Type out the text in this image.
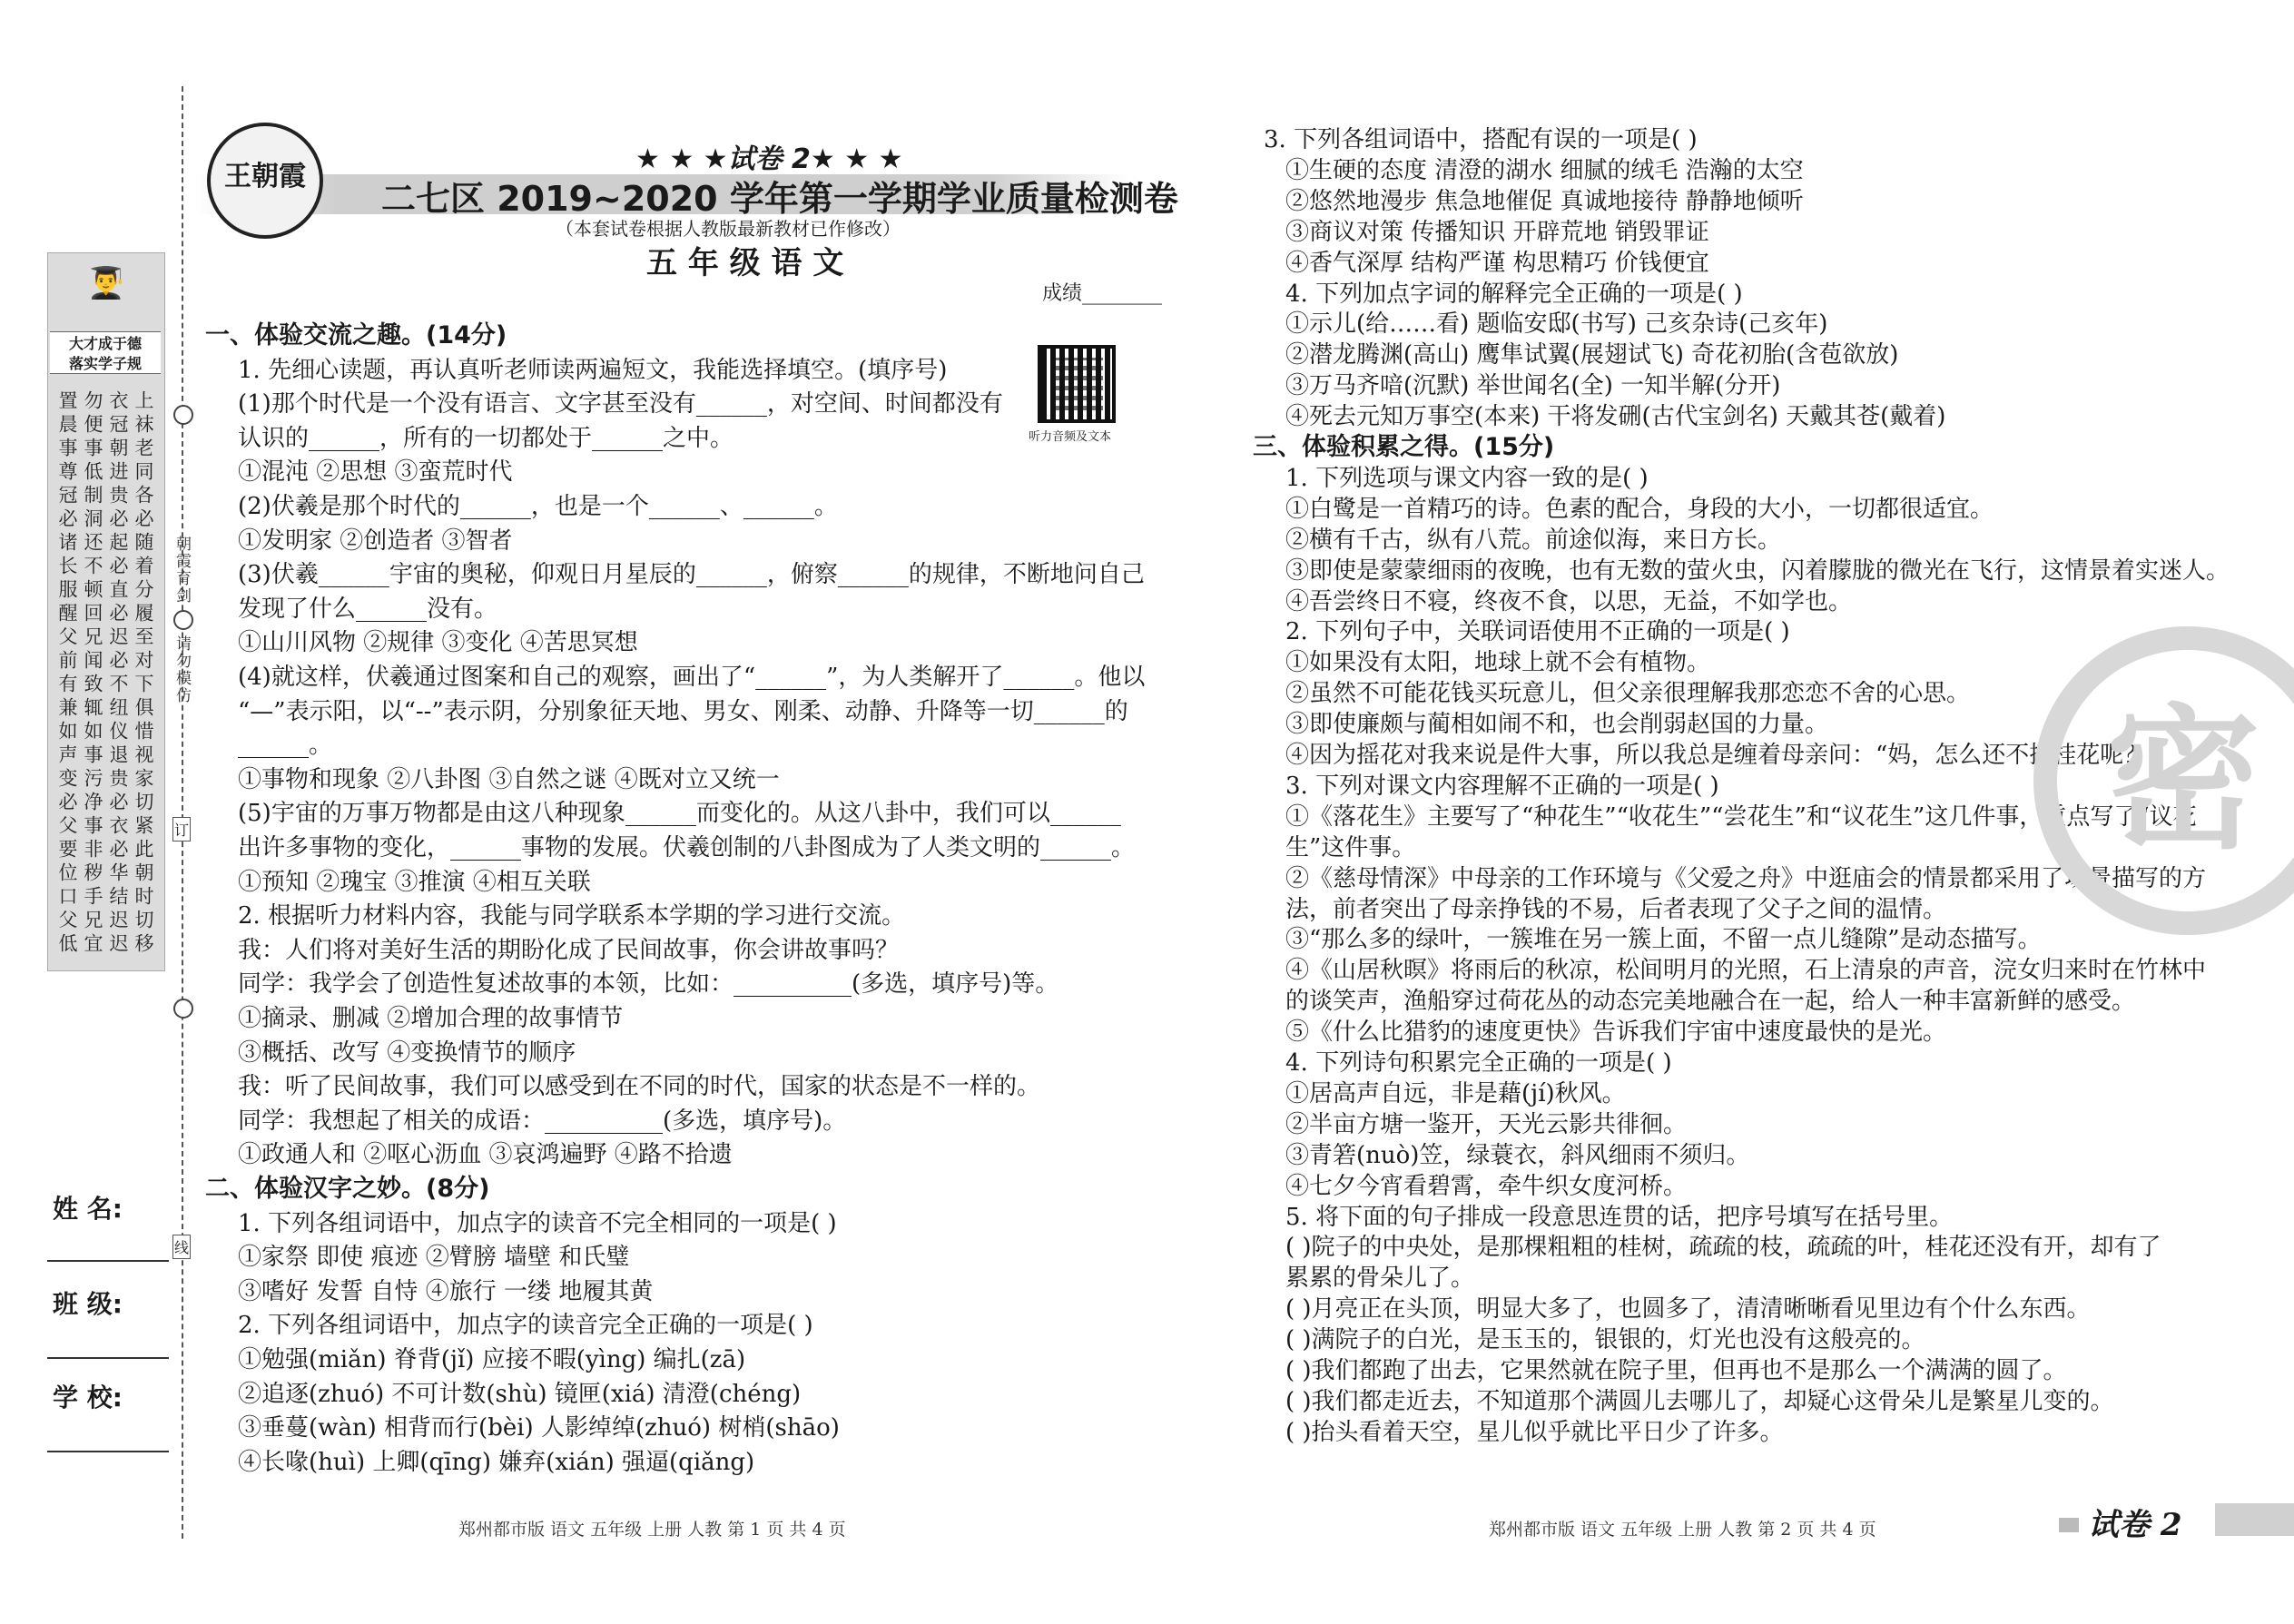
朝霞育剑
请勿模仿
订
线
👨‍🎓
大才成于德
落实学子规
置晨事尊
冠必诸长
服醒父前
有兼如声
变必父要
位口父低
勿便事低
制洞还不
顿回兄闻
致辄如事
污净事非
秽手兄宜
衣冠朝进
贵必起必
直必迟必
不纽仪退
贵必衣必
华结迟迟
上袜老同
各必随着
分履至对
下俱惜视
家切紧此
朝时切移
姓 名:
班 级:
学 校:
王朝霞
★ ★ ★试卷 2★ ★ ★
二七区 2019~2020 学年第一学期学业质量检测卷
（本套试卷根据人教版最新教材已作修改）
五 年 级 语 文
成绩________
听力音频及文本
一、体验交流之趣。(14分)
1. 先细心读题，再认真听老师读两遍短文，我能选择填空。(填序号)
(1)那个时代是一个没有语言、文字甚至没有______，对空间、时间都没有
认识的______，所有的一切都处于______之中。
①混沌 ②思想 ③蛮荒时代
(2)伏羲是那个时代的______，也是一个______、______。
①发明家 ②创造者 ③智者
(3)伏羲______宇宙的奥秘，仰观日月星辰的______，俯察______的规律，不断地问自己
发现了什么______没有。
①山川风物 ②规律 ③变化 ④苦思冥想
(4)就这样，伏羲通过图案和自己的观察，画出了“______”，为人类解开了______。他以
“—”表示阳，以“--”表示阴，分别象征天地、男女、刚柔、动静、升降等一切______的
______。
①事物和现象 ②八卦图 ③自然之谜 ④既对立又统一
(5)宇宙的万事万物都是由这八种现象______而变化的。从这八卦中，我们可以______
出许多事物的变化，______事物的发展。伏羲创制的八卦图成为了人类文明的______。
①预知 ②瑰宝 ③推演 ④相互关联
2. 根据听力材料内容，我能与同学联系本学期的学习进行交流。
我：人们将对美好生活的期盼化成了民间故事，你会讲故事吗？
同学：我学会了创造性复述故事的本领，比如：__________(多选，填序号)等。
①摘录、删减 ②增加合理的故事情节
③概括、改写 ④变换情节的顺序
我：听了民间故事，我们可以感受到在不同的时代，国家的状态是不一样的。
同学：我想起了相关的成语：__________(多选，填序号)。
①政通人和 ②呕心沥血 ③哀鸿遍野 ④路不拾遗
二、体验汉字之妙。(8分)
1. 下列各组词语中，加点字的读音不完全相同的一项是( )
①家祭 即使 痕迹 ②臂膀 墙壁 和氏璧
③嗜好 发誓 自恃 ④旅行 一缕 地履其黄
2. 下列各组词语中，加点字的读音完全正确的一项是( )
①勉强(miǎn) 脊背(jǐ) 应接不暇(yìng) 编扎(zā)
②追逐(zhuó) 不可计数(shù) 镜匣(xiá) 清澄(chéng)
③垂蔓(wàn) 相背而行(bèi) 人影绰绰(zhuó) 树梢(shāo)
④长喙(huì) 上卿(qīng) 嫌弃(xián) 强逼(qiǎng)
3. 下列各组词语中，搭配有误的一项是( )
①生硬的态度 清澄的湖水 细腻的绒毛 浩瀚的太空
②悠然地漫步 焦急地催促 真诚地接待 静静地倾听
③商议对策 传播知识 开辟荒地 销毁罪证
④香气深厚 结构严谨 构思精巧 价钱便宜
4. 下列加点字词的解释完全正确的一项是( )
①示儿(给……看) 题临安邸(书写) 己亥杂诗(己亥年)
②潜龙腾渊(高山) 鹰隼试翼(展翅试飞) 奇花初胎(含苞欲放)
③万马齐喑(沉默) 举世闻名(全) 一知半解(分开)
④死去元知万事空(本来) 干将发硎(古代宝剑名) 天戴其苍(戴着)
三、体验积累之得。(15分)
1. 下列选项与课文内容一致的是( )
①白鹭是一首精巧的诗。色素的配合，身段的大小，一切都很适宜。
②横有千古，纵有八荒。前途似海，来日方长。
③即使是蒙蒙细雨的夜晚，也有无数的萤火虫，闪着朦胧的微光在飞行，这情景着实迷人。
④吾尝终日不寝，终夜不食，以思，无益，不如学也。
2. 下列句子中，关联词语使用不正确的一项是( )
①如果没有太阳，地球上就不会有植物。
②虽然不可能花钱买玩意儿，但父亲很理解我那恋恋不舍的心思。
③即使廉颇与蔺相如闹不和，也会削弱赵国的力量。
④因为摇花对我来说是件大事，所以我总是缠着母亲问：“妈，怎么还不摇桂花呢？”
3. 下列对课文内容理解不正确的一项是( )
①《落花生》主要写了“种花生”“收花生”“尝花生”和“议花生”这几件事，重点写了“议花
生”这件事。
②《慈母情深》中母亲的工作环境与《父爱之舟》中逛庙会的情景都采用了场景描写的方
法，前者突出了母亲挣钱的不易，后者表现了父子之间的温情。
③“那么多的绿叶，一簇堆在另一簇上面，不留一点儿缝隙”是动态描写。
④《山居秋暝》将雨后的秋凉，松间明月的光照，石上清泉的声音，浣女归来时在竹林中
的谈笑声，渔船穿过荷花丛的动态完美地融合在一起，给人一种丰富新鲜的感受。
⑤《什么比猎豹的速度更快》告诉我们宇宙中速度最快的是光。
4. 下列诗句积累完全正确的一项是( )
①居高声自远，非是藉(jí)秋风。
②半亩方塘一鉴开，天光云影共徘徊。
③青箬(nuò)笠，绿蓑衣，斜风细雨不须归。
④七夕今宵看碧霄，牵牛织女度河桥。
5. 将下面的句子排成一段意思连贯的话，把序号填写在括号里。
( )院子的中央处，是那棵粗粗的桂树，疏疏的枝，疏疏的叶，桂花还没有开，却有了
累累的骨朵儿了。
( )月亮正在头顶，明显大多了，也圆多了，清清晰晰看见里边有个什么东西。
( )满院子的白光，是玉玉的，银银的，灯光也没有这般亮的。
( )我们都跑了出去，它果然就在院子里，但再也不是那么一个满满的圆了。
( )我们都走近去，不知道那个满圆儿去哪儿了，却疑心这骨朵儿是繁星儿变的。
( )抬头看着天空，星儿似乎就比平日少了许多。
密
郑州都市版 语文 五年级 上册 人教 第 1 页 共 4 页	郑州都市版 语文 五年级 上册 人教 第 2 页 共 4 页	试卷 2
